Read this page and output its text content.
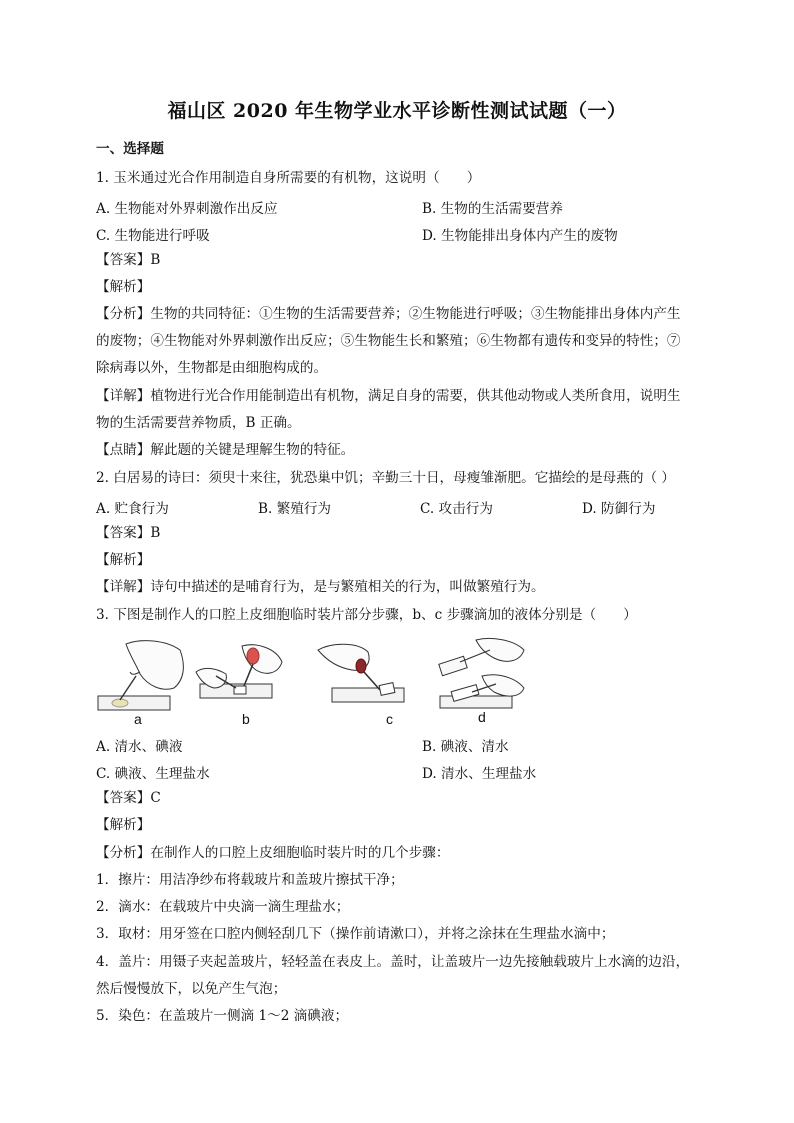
福山区 2020 年生物学业水平诊断性测试试题（一）
一、选择题
1. 玉米通过光合作用制造自身所需要的有机物，这说明（　　）
A. 生物能对外界刺激作出反应	B. 生物的生活需要营养
C. 生物能进行呼吸	D. 生物能排出身体内产生的废物
【答案】B
【解析】
【分析】生物的共同特征：①生物的生活需要营养；②生物能进行呼吸；③生物能排出身体内产生
的废物；④生物能对外界刺激作出反应；⑤生物能生长和繁殖；⑥生物都有遗传和变异的特性；⑦
除病毒以外，生物都是由细胞构成的。
【详解】植物进行光合作用能制造出有机物，满足自身的需要，供其他动物或人类所食用，说明生
物的生活需要营养物质，B 正确。
【点睛】解此题的关键是理解生物的特征。
2. 白居易的诗曰：须臾十来往，犹恐巢中饥；辛勤三十日，母瘦雏渐肥。它描绘的是母燕的（ ）
A. 贮食行为	B. 繁殖行为	C. 攻击行为	D. 防御行为
【答案】B
【解析】
【详解】诗句中描述的是哺育行为，是与繁殖相关的行为，叫做繁殖行为。
3. 下图是制作人的口腔上皮细胞临时装片部分步骤，b、c 步骤滴加的液体分别是（　　）
a	b	c	d
A. 清水、碘液	B. 碘液、清水
C. 碘液、生理盐水	D. 清水、生理盐水
【答案】C
【解析】
【分析】在制作人的口腔上皮细胞临时装片时的几个步骤：
1．擦片：用洁净纱布将载玻片和盖玻片擦拭干净；
2．滴水：在载玻片中央滴一滴生理盐水；
3．取材：用牙签在口腔内侧轻刮几下（操作前请漱口），并将之涂抹在生理盐水滴中；
4．盖片：用镊子夹起盖玻片，轻轻盖在表皮上。盖时，让盖玻片一边先接触载玻片上水滴的边沿，
然后慢慢放下，以免产生气泡；
5．染色：在盖玻片一侧滴 1～2 滴碘液；
